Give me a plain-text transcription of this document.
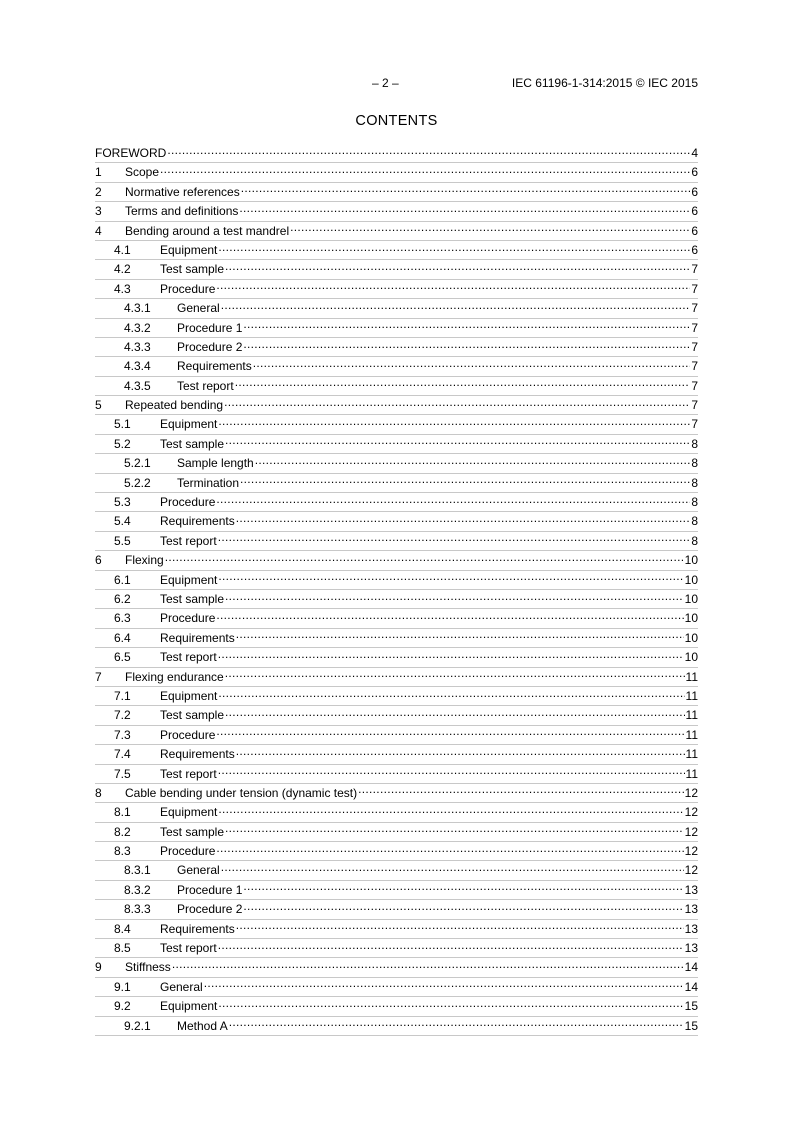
– 2 –	IEC 61196-1-314:2015 © IEC 2015
CONTENTS
FOREWORD .....	4
1	Scope .....	6
2	Normative references .....	6
3	Terms and definitions .....	6
4	Bending around a test mandrel .....	6
4.1	Equipment .....	6
4.2	Test sample .....	7
4.3	Procedure .....	7
4.3.1	General .....	7
4.3.2	Procedure 1 .....	7
4.3.3	Procedure 2 .....	7
4.3.4	Requirements .....	7
4.3.5	Test report .....	7
5	Repeated bending .....	7
5.1	Equipment .....	7
5.2	Test sample .....	8
5.2.1	Sample length .....	8
5.2.2	Termination .....	8
5.3	Procedure .....	8
5.4	Requirements .....	8
5.5	Test report .....	8
6	Flexing .....	10
6.1	Equipment .....	10
6.2	Test sample .....	10
6.3	Procedure .....	10
6.4	Requirements .....	10
6.5	Test report .....	10
7	Flexing endurance .....	11
7.1	Equipment .....	11
7.2	Test sample .....	11
7.3	Procedure .....	11
7.4	Requirements .....	11
7.5	Test report .....	11
8	Cable bending under tension (dynamic test) .....	12
8.1	Equipment .....	12
8.2	Test sample .....	12
8.3	Procedure .....	12
8.3.1	General .....	12
8.3.2	Procedure 1 .....	13
8.3.3	Procedure 2 .....	13
8.4	Requirements .....	13
8.5	Test report .....	13
9	Stiffness .....	14
9.1	General .....	14
9.2	Equipment .....	15
9.2.1	Method A .....	15
